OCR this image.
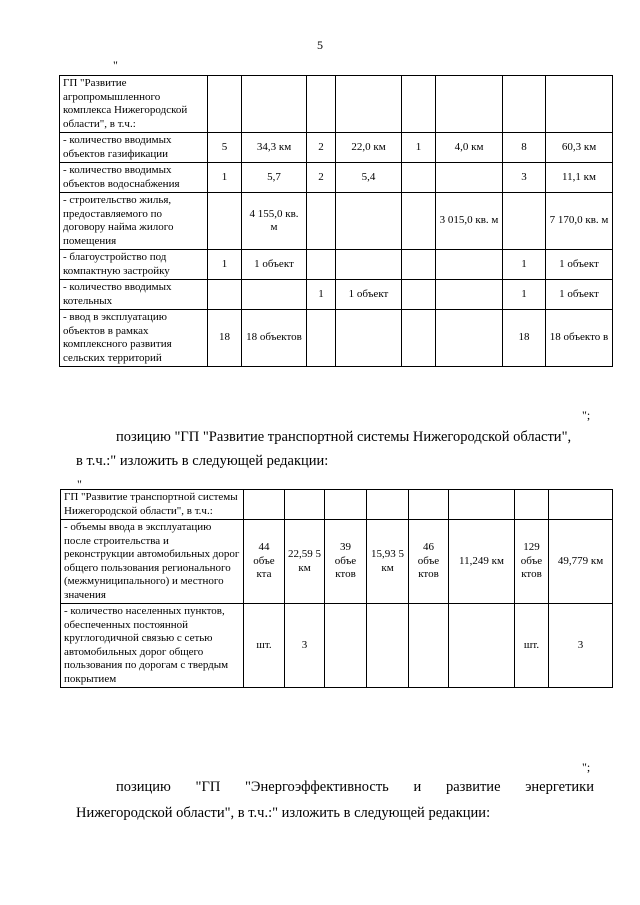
5
"
ГП "Развитие агропромышленного комплекса Нижегородской области", в т.ч.:								
- количество вводимых объектов газификации	5	34,3 км	2	22,0 км	1	4,0 км	8	60,3 км
- количество вводимых объектов водоснабжения	1	5,7	2	5,4			3	11,1 км
- строительство жилья, предоставляемого по договору найма жилого помещения		4 155,0 кв. м				3 015,0 кв. м		7 170,0 кв. м
- благоустройство под компактную застройку	1	1 объект					1	1 объект
- количество вводимых котельных			1	1 объект			1	1 объект
- ввод в эксплуатацию объектов в рамках комплексного развития сельских территорий	18	18 объектов					18	18 объекто в
";
позицию "ГП "Развитие транспортной системы Нижегородской области",
в т.ч.:" изложить в следующей редакции:
"
ГП "Развитие транспортной системы Нижегородской области", в т.ч.:								
- объемы ввода в эксплуатацию после строительства и реконструкции автомобильных дорог общего пользования регионального (межмуниципального) и местного значения	44 объе кта	22,59 5 км	39 объе ктов	15,93 5 км	46 объе ктов	11,249 км	129 объе ктов	49,779 км
- количество населенных пунктов, обеспеченных постоянной круглогодичной связью с сетью автомобильных дорог общего пользования по дорогам с твердым покрытием	шт.	3					шт.	3
";
позицию "ГП "Энергоэффективность и развитие энергетики
Нижегородской области", в т.ч.:" изложить в следующей редакции:
